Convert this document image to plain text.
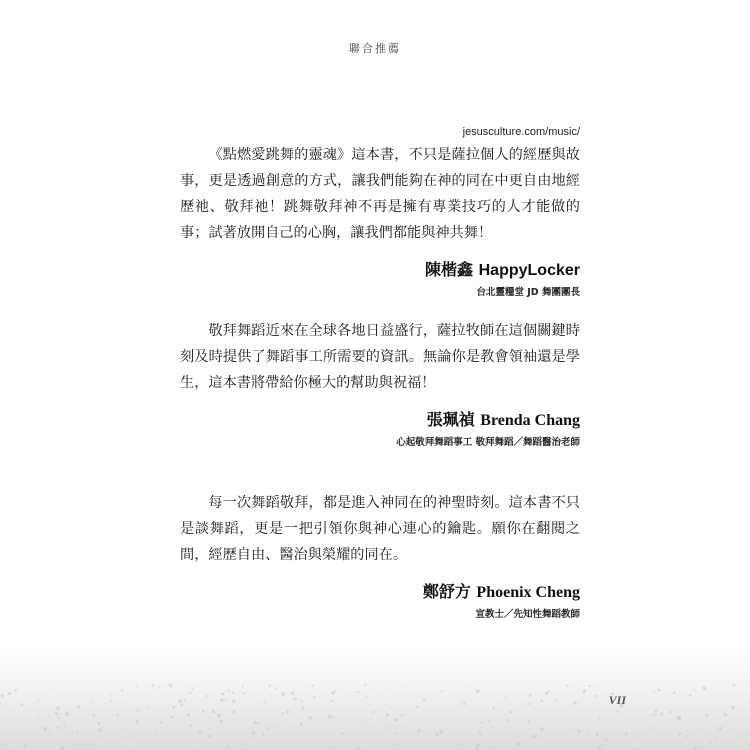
聯合推薦
jesusculture.com/music/

《點燃愛跳舞的靈魂》這本書，不只是薩拉個人的經歷與故事，更是透過創意的方式，讓我們能夠在神的同在中更自由地經歷祂、敬拜祂！跳舞敬拜神不再是擁有專業技巧的人才能做的事；試著放開自己的心胸，讓我們都能與神共舞！

陳楷鑫 HappyLocker
台北靈糧堂 JD 舞團團長

敬拜舞蹈近來在全球各地日益盛行，薩拉牧師在這個關鍵時刻及時提供了舞蹈事工所需要的資訊。無論你是教會領袖還是學生，這本書將帶給你極大的幫助與祝福！

張珮禎 Brenda Chang
心起敬拜舞蹈事工 敬拜舞蹈／舞蹈醫治老師

每一次舞蹈敬拜，都是進入神同在的神聖時刻。這本書不只是談舞蹈，更是一把引領你與神心連心的鑰匙。願你在翻閱之間，經歷自由、醫治與榮耀的同在。

鄭舒方 Phoenix Cheng
宣教士／先知性舞蹈教師
VII
